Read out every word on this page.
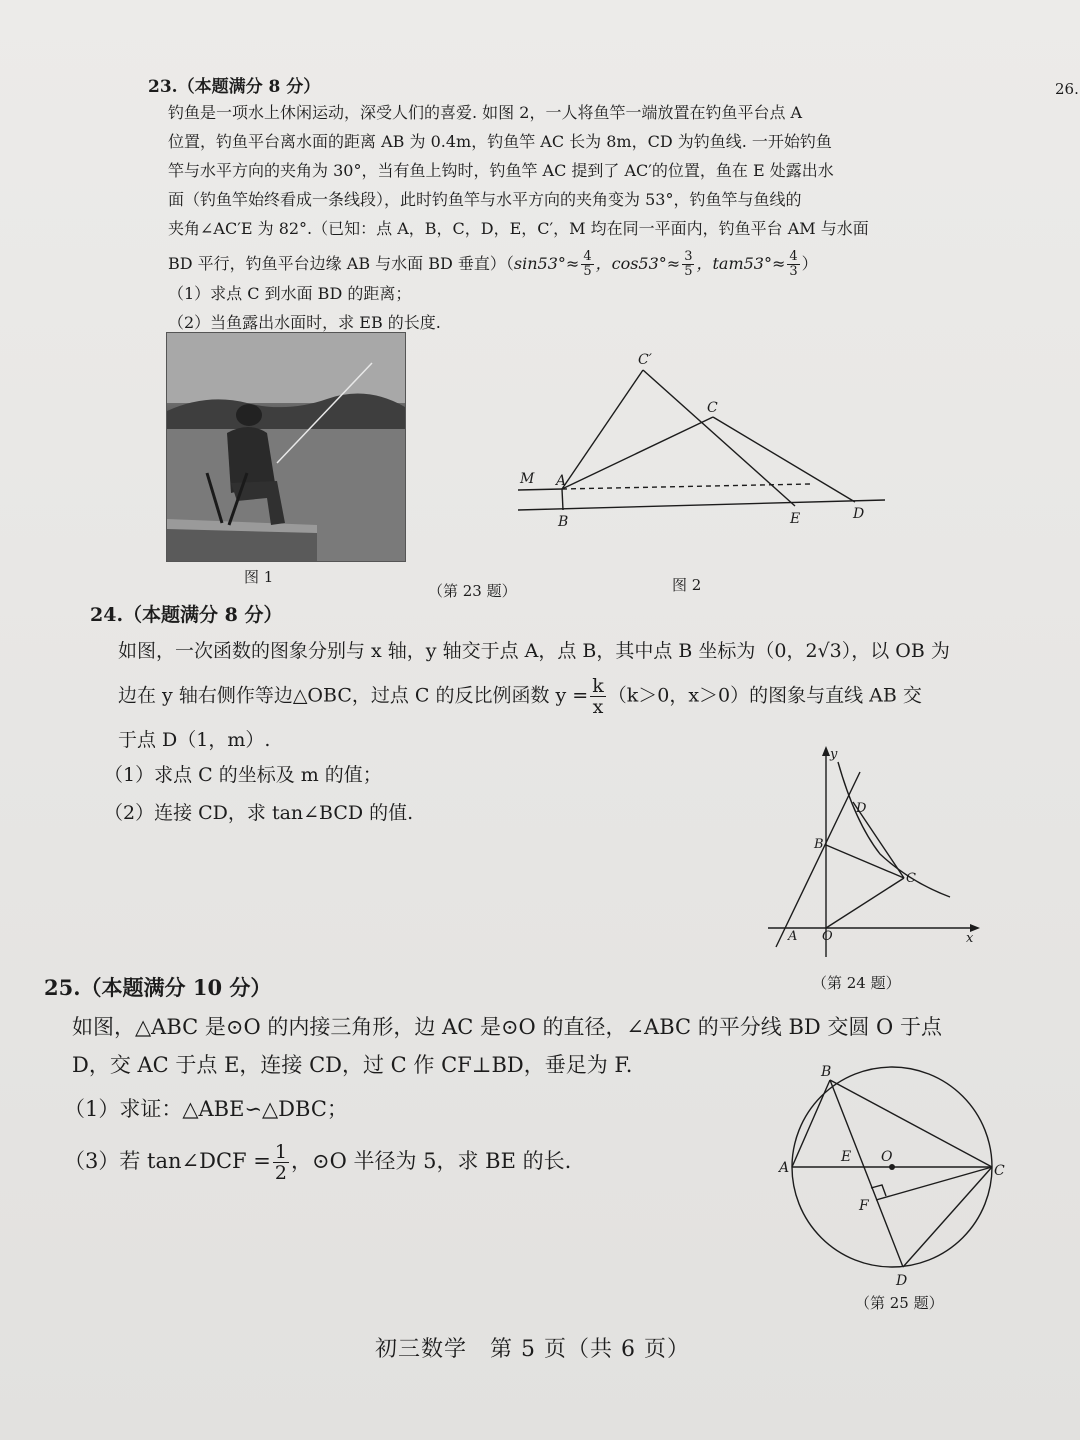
26.
23.（本题满分 8 分）
钓鱼是一项水上休闲运动，深受人们的喜爱. 如图 2，一人将鱼竿一端放置在钓鱼平台点 A
位置，钓鱼平台离水面的距离 AB 为 0.4m，钓鱼竿 AC 长为 8m，CD 为钓鱼线. 一开始钓鱼
竿与水平方向的夹角为 30°，当有鱼上钩时，钓鱼竿 AC 提到了 AC′的位置，鱼在 E 处露出水
面（钓鱼竿始终看成一条线段），此时钓鱼竿与水平方向的夹角变为 53°，钓鱼竿与鱼线的
夹角∠AC′E 为 82°.（已知：点 A，B，C，D，E，C′，M 均在同一平面内，钓鱼平台 AM 与水面
BD 平行，钓鱼平台边缘 AB 与水面 BD 垂直）（$\sin 53^\circ\approx \frac{4}{5}$ ，$\cos 53^\circ\approx \frac{3}{5}$ ，$tam53^\circ\approx \frac{4}{3}$ ）
（1）求点 C 到水面 BD 的距离；
（2）当鱼露出水面时，求 EB 的长度.
图 1
（第 23 题）
C′
C
M A
B	E	D
图 2
24.（本题满分 8 分）
如图，一次函数的图象分别与 x 轴，y 轴交于点 A，点 B，其中点 B 坐标为（0，2√3），以 OB 为
边在 y 轴右侧作等边△OBC，过点 C 的反比例函数 $y = \frac{k}{x} (k>0$，x＞0）的图象与直线 AB 交
于点 D（1，m）.
（1）求点 C 的坐标及 m 的值；
（2）连接 CD，求 tan∠BCD 的值.
y
x
D
B
C
A O
（第 24 题）
25.（本题满分 10 分）
如图，△ABC 是⊙O 的内接三角形，边 AC 是⊙O 的直径，∠ABC 的平分线 BD 交圆 O 于点
D，交 AC 于点 E，连接 CD，过 C 作 CF⊥BD，垂足为 F.
（1）求证：△ABE∽△DBC；
（3）若 tan∠DCF = $\frac{1}{2}$ ，⊙O 半径为 5，求 BE 的长.
B
A
E O
C
F
D
（第 25 题）
初三数学　第 5 页（共 6 页）
